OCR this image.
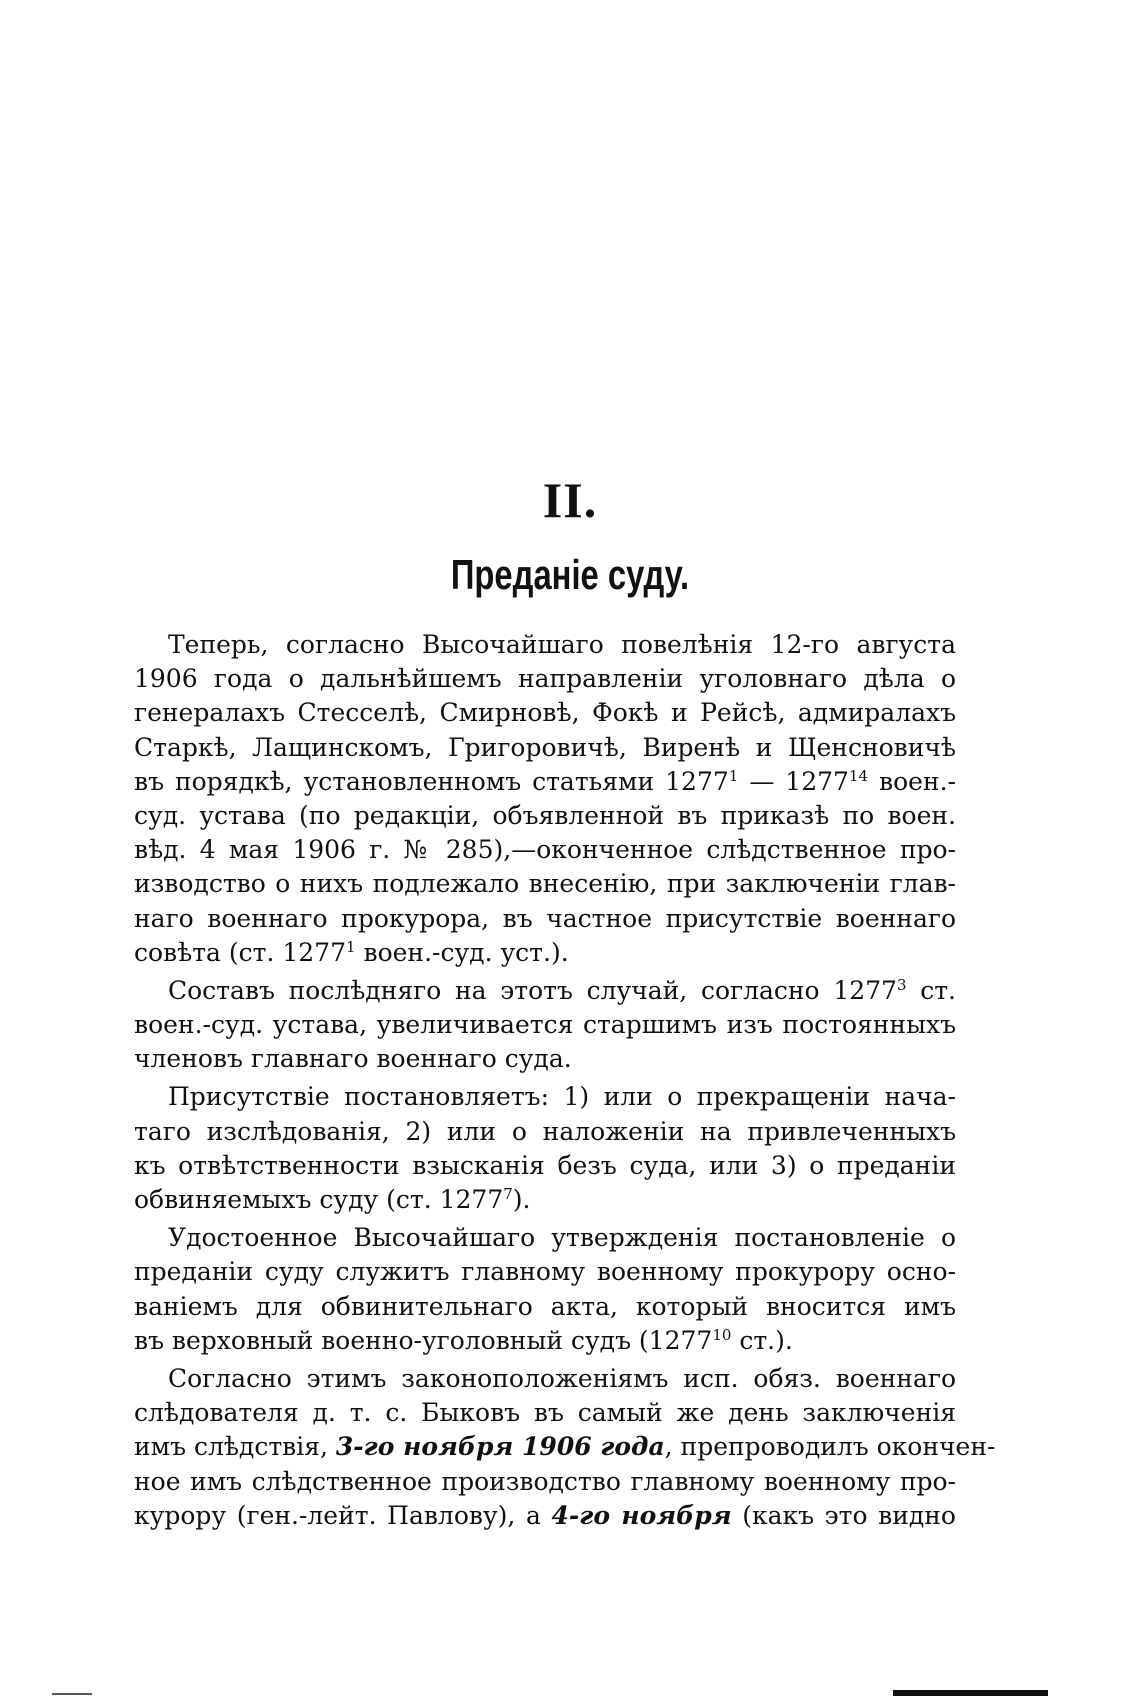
II.
Преданіе суду.
Теперь, согласно Высочайшаго повелѣнія 12-го августа
1906 года о дальнѣйшемъ направленіи уголовнаго дѣла о
генералахъ Стесселѣ, Смирновѣ, Фокѣ и Рейсѣ, адмиралахъ
Старкѣ, Лащинскомъ, Григоровичѣ, Виренѣ и Щенсновичѣ
въ порядкѣ, установленномъ статьями 1277$^1$ — 1277$^{14}$ воен.-
суд. устава (по редакціи, объявленной въ приказѣ по воен.
вѣд. 4 мая 1906 г. № 285),—оконченное слѣдственное про-
изводство о нихъ подлежало внесенію, при заключеніи глав-
наго военнаго прокурора, въ частное присутствіе военнаго
совѣта (ст. 1277$^1$ воен.-суд. уст.).
Составъ послѣдняго на этотъ случай, согласно 1277$^3$ ст.
воен.-суд. устава, увеличивается старшимъ изъ постоянныхъ
членовъ главнаго военнаго суда.
Присутствіе постановляетъ: 1) или о прекращеніи нача-
таго изслѣдованія, 2) или о наложеніи на привлеченныхъ
къ отвѣтственности взысканія безъ суда, или 3) о преданіи
обвиняемыхъ суду (ст. 1277$^7$).
Удостоенное Высочайшаго утвержденія постановленіе о
преданіи суду служитъ главному военному прокурору осно-
ваніемъ для обвинительнаго акта, который вносится имъ
въ верховный военно-уголовный судъ (1277$^{10}$ ст.).
Согласно этимъ законоположеніямъ исп. обяз. военнаго
слѣдователя д. т. с. Быковъ въ самый же день заключенія
имъ слѣдствія, 3-го ноября 1906 года, препроводилъ окончен-
ное имъ слѣдственное производство главному военному про-
курору (ген.-лейт. Павлову), а 4-го ноября (какъ это видно
